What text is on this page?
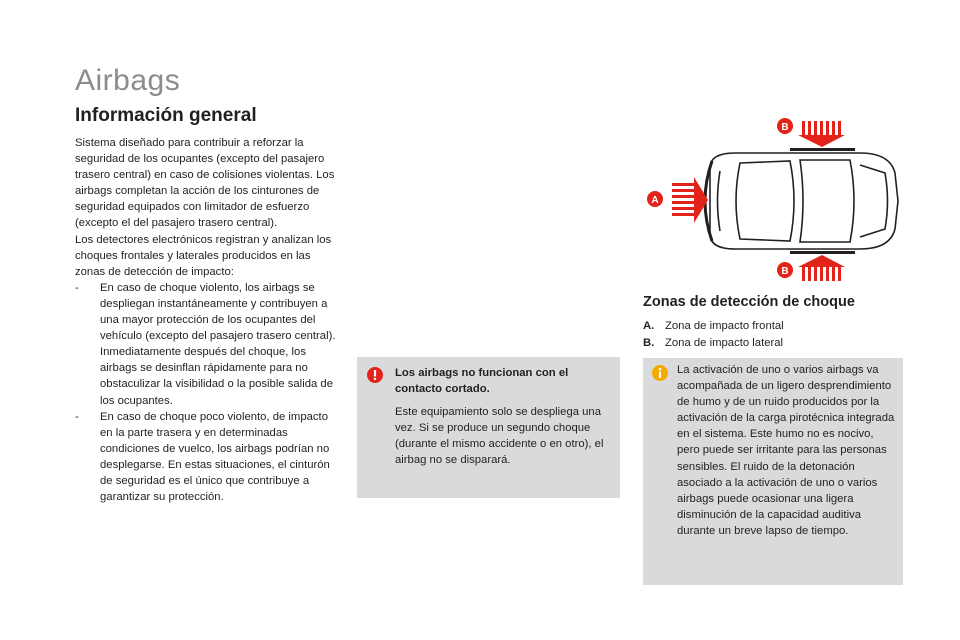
Airbags
Información general

Sistema diseñado para contribuir a reforzar la seguridad de los ocupantes (excepto del pasajero trasero central) en caso de colisiones violentas. Los airbags completan la acción de los cinturones de seguridad equipados con limitador de esfuerzo (excepto el del pasajero trasero central).

Los detectores electrónicos registran y analizan los choques frontales y laterales producidos en las zonas de detección de impacto:

- En caso de choque violento, los airbags se despliegan instantáneamente y contribuyen a una mayor protección de los ocupantes del vehículo (excepto del pasajero trasero central). Inmediatamente después del choque, los airbags se desinflan rápidamente para no obstaculizar la visibilidad o la posible salida de los ocupantes.
- En caso de choque poco violento, de impacto en la parte trasera y en determinadas condiciones de vuelco, los airbags podrían no desplegarse. En estas situaciones, el cinturón de seguridad es el único que contribuye a garantizar su protección.
Los airbags no funcionan con el contacto cortado.
Este equipamiento solo se despliega una vez. Si se produce un segundo choque (durante el mismo accidente o en otro), el airbag no se disparará.
A
B
B
Zonas de detección de choque
A. Zona de impacto frontal
B. Zona de impacto lateral
La activación de uno o varios airbags va acompañada de un ligero desprendimiento de humo y de un ruido producidos por la activación de la carga pirotécnica integrada en el sistema. Este humo no es nocivo, pero puede ser irritante para las personas sensibles. El ruido de la detonación asociado a la activación de uno o varios airbags puede ocasionar una ligera disminución de la capacidad auditiva durante un breve lapso de tiempo.
